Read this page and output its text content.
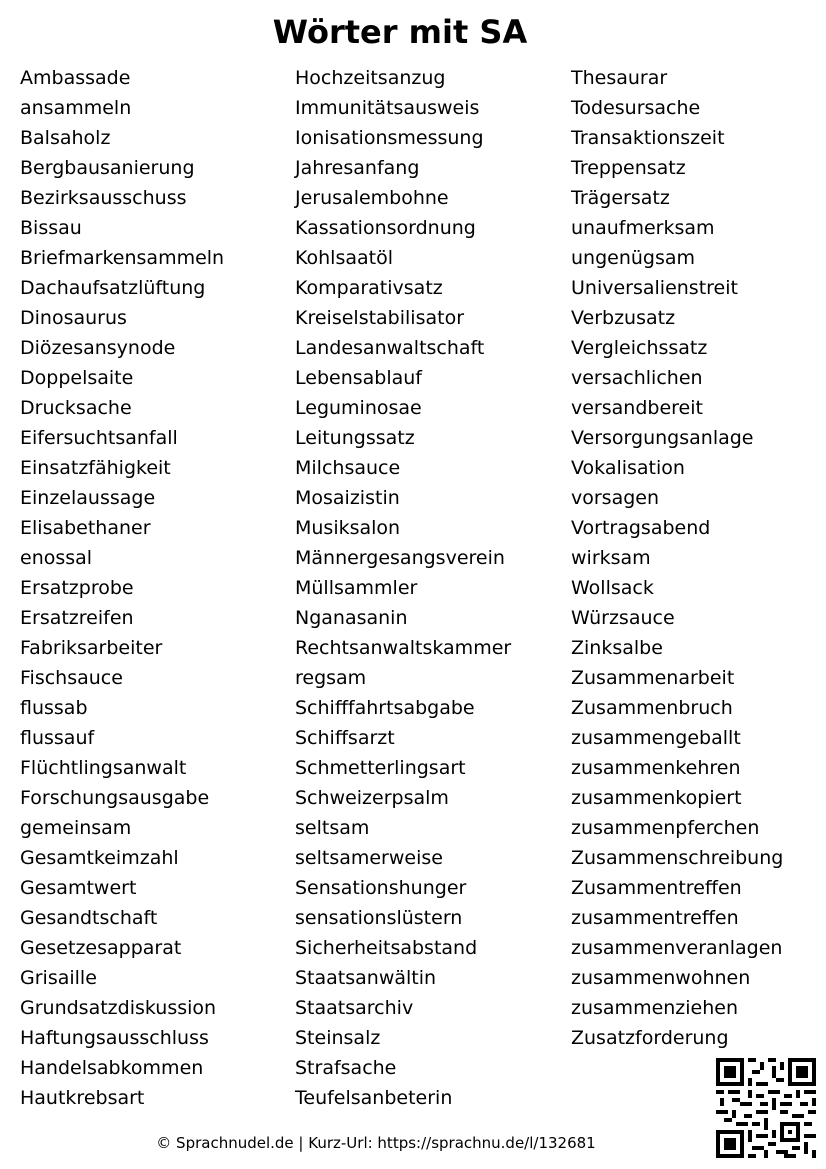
Wörter mit SA
Ambassade
ansammeln
Balsaholz
Bergbausanierung
Bezirksausschuss
Bissau
Briefmarkensammeln
Dachaufsatzlüftung
Dinosaurus
Diözesansynode
Doppelsaite
Drucksache
Eifersuchtsanfall
Einsatzfähigkeit
Einzelaussage
Elisabethaner
enossal
Ersatzprobe
Ersatzreifen
Fabriksarbeiter
Fischsauce
flussab
flussauf
Flüchtlingsanwalt
Forschungsausgabe
gemeinsam
Gesamtkeimzahl
Gesamtwert
Gesandtschaft
Gesetzesapparat
Grisaille
Grundsatzdiskussion
Haftungsausschluss
Handelsabkommen
Hautkrebsart
Hochzeitsanzug
Immunitätsausweis
Ionisationsmessung
Jahresanfang
Jerusalembohne
Kassationsordnung
Kohlsaatöl
Komparativsatz
Kreiselstabilisator
Landesanwaltschaft
Lebensablauf
Leguminosae
Leitungssatz
Milchsauce
Mosaizistin
Musiksalon
Männergesangsverein
Müllsammler
Nganasanin
Rechtsanwaltskammer
regsam
Schifffahrtsabgabe
Schiffsarzt
Schmetterlingsart
Schweizerpsalm
seltsam
seltsamerweise
Sensationshunger
sensationslüstern
Sicherheitsabstand
Staatsanwältin
Staatsarchiv
Steinsalz
Strafsache
Teufelsanbeterin
Thesaurar
Todesursache
Transaktionszeit
Treppensatz
Trägersatz
unaufmerksam
ungenügsam
Universalienstreit
Verbzusatz
Vergleichssatz
versachlichen
versandbereit
Versorgungsanlage
Vokalisation
vorsagen
Vortragsabend
wirksam
Wollsack
Würzsauce
Zinksalbe
Zusammenarbeit
Zusammenbruch
zusammengeballt
zusammenkehren
zusammenkopiert
zusammenpferchen
Zusammenschreibung
Zusammentreffen
zusammentreffen
zusammenveranlagen
zusammenwohnen
zusammenziehen
Zusatzforderung
© Sprachnudel.de | Kurz-Url: https://sprachnu.de/l/132681
